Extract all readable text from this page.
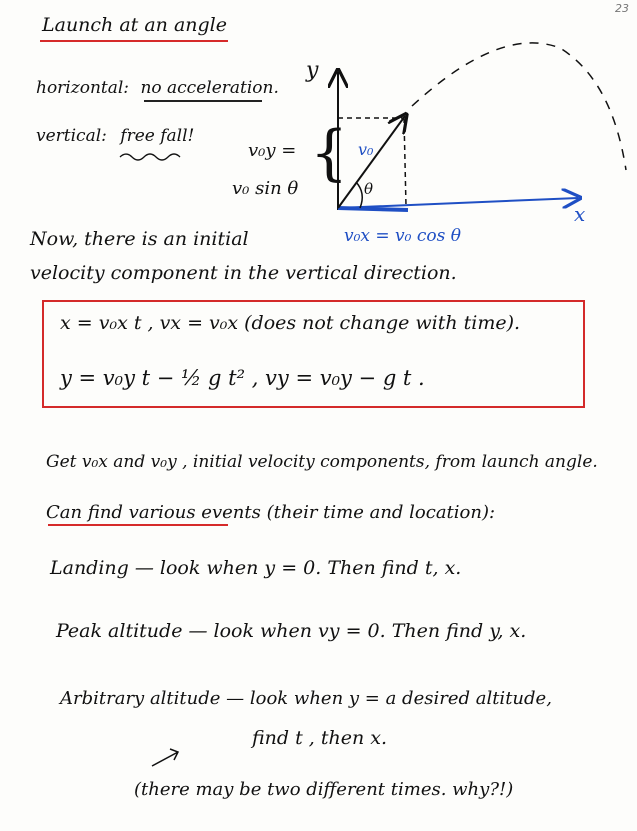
23
Launch at an angle
horizontal: no acceleration.
vertical: free fall!
v₀y =
v₀ sin θ
{
y
x
v₀
θ
v₀x = v₀ cos θ
Now, there is an initial
velocity component in the vertical direction.
x = v₀x t , vx = v₀x (does not change with time).
y = v₀y t − ½ g t² , vy = v₀y − g t .
Get v₀x and v₀y , initial velocity components, from launch angle.
Can find various events (their time and location):
Landing — look when y = 0. Then find t, x.
Peak altitude — look when vy = 0. Then find y, x.
Arbitrary altitude — look when y = a desired altitude,
find t , then x.
(there may be two different times. why?!)
